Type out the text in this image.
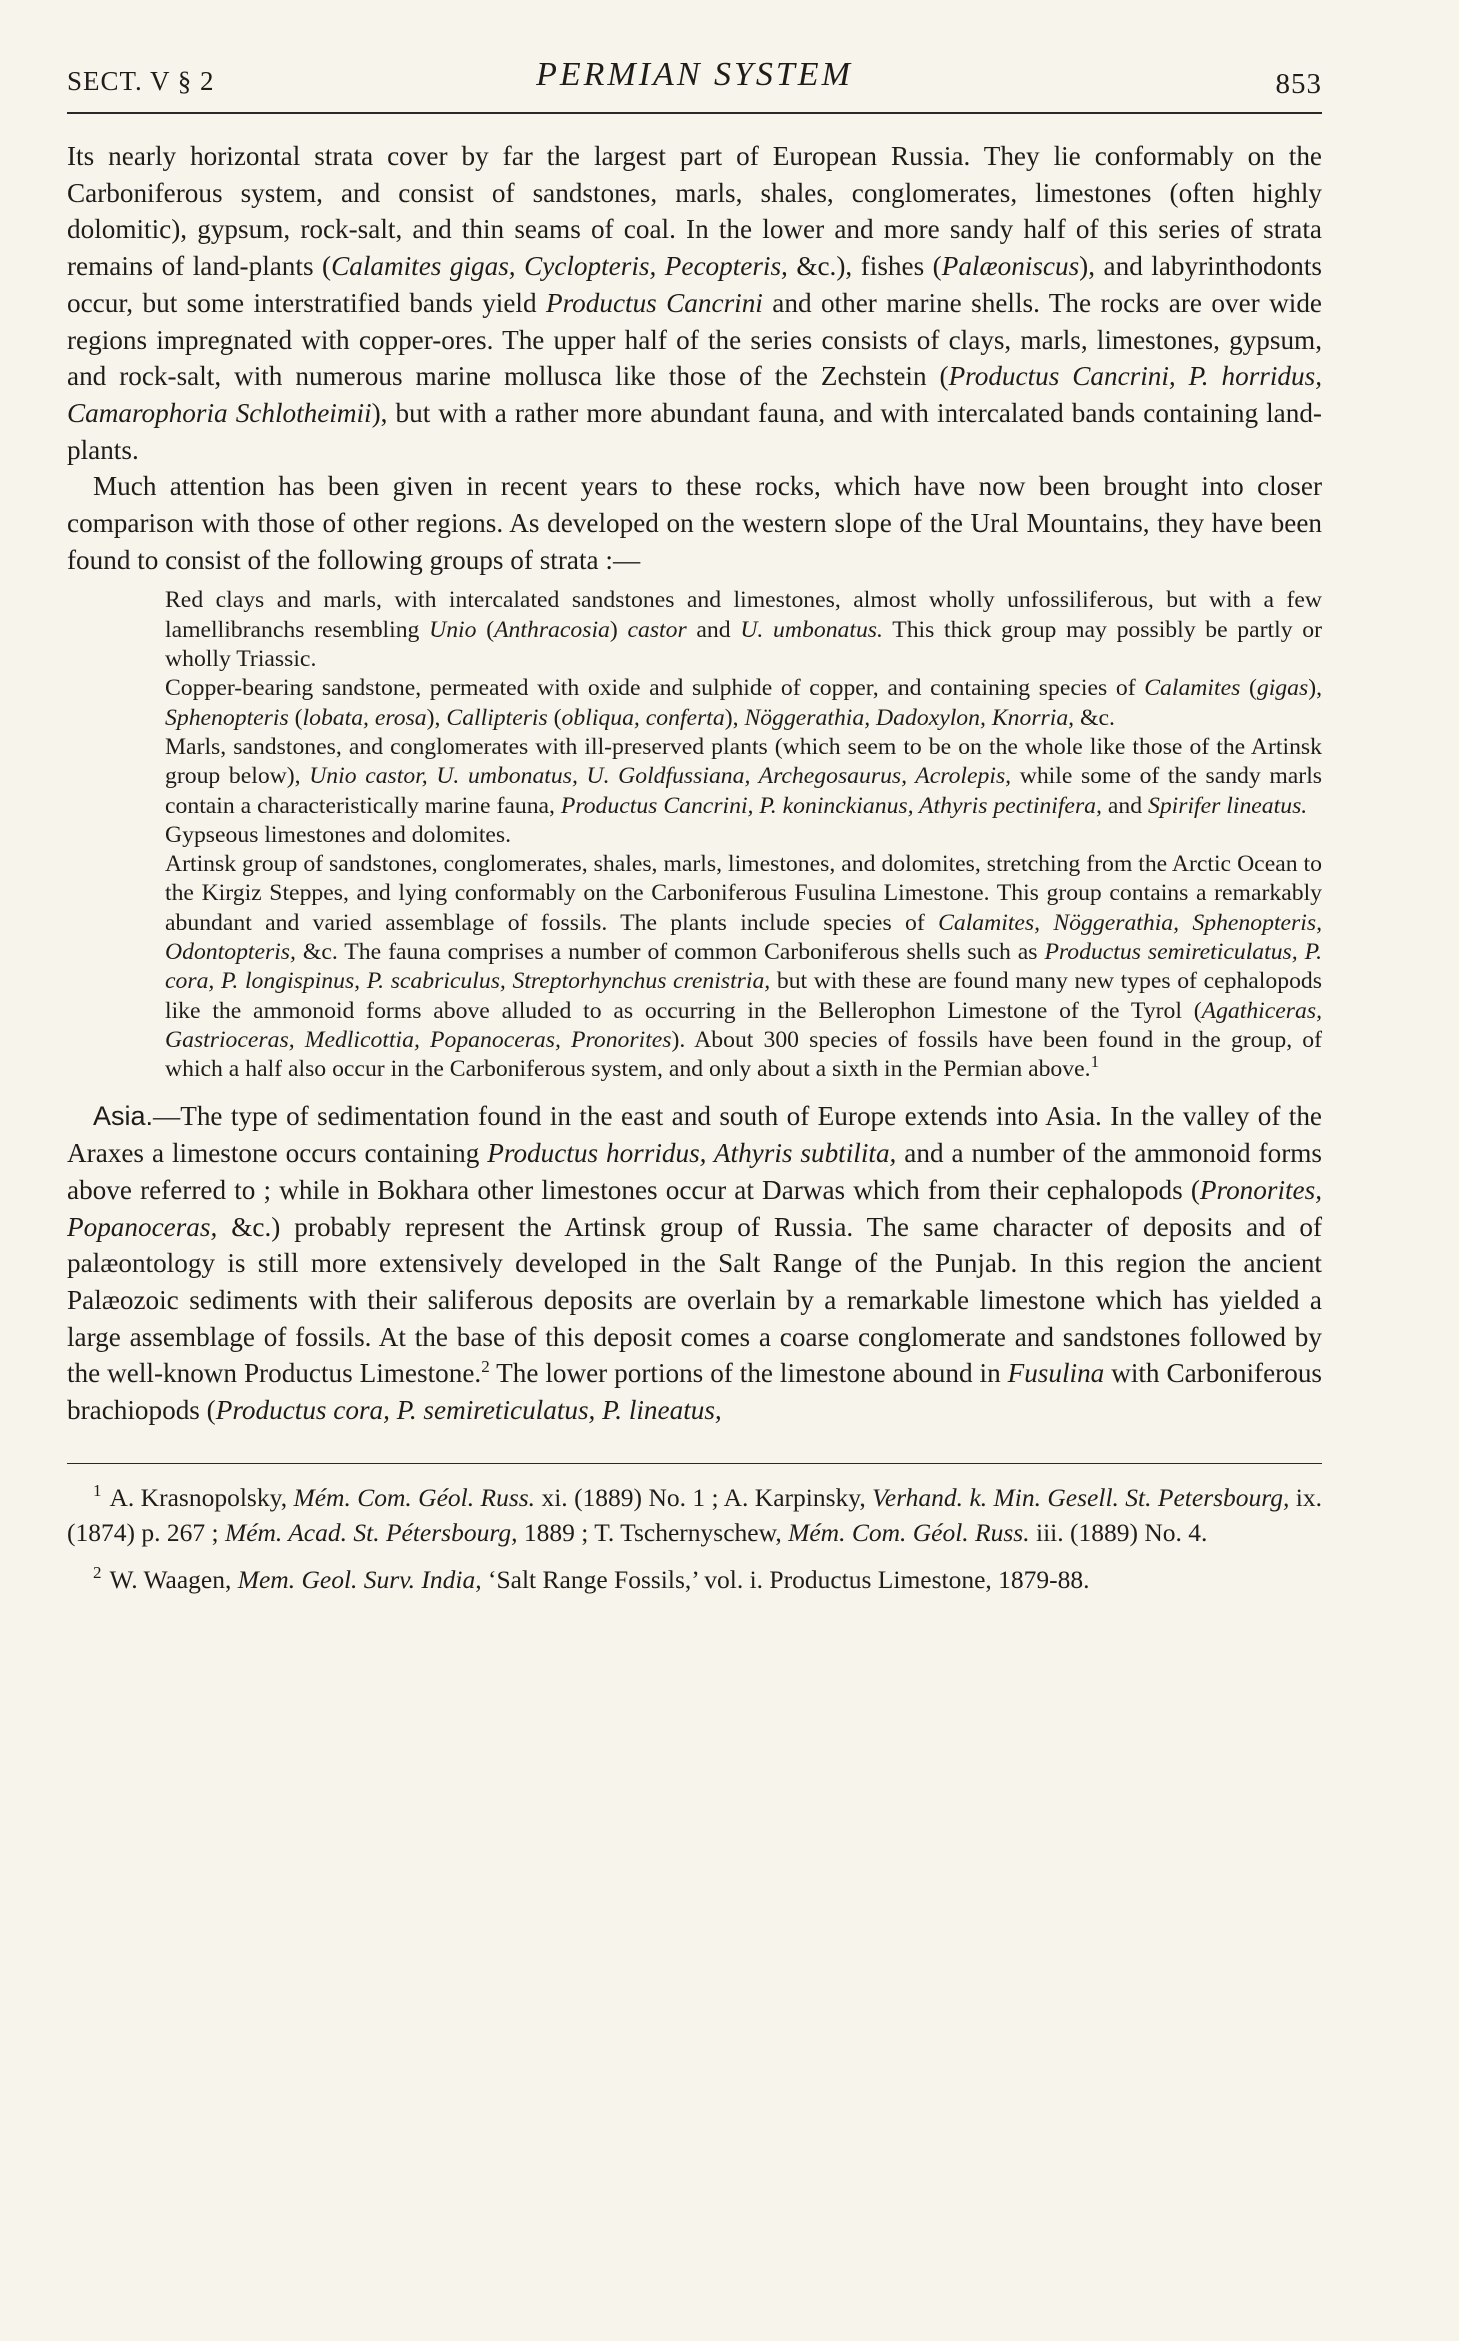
SECT. V § 2	PERMIAN SYSTEM	853

Its nearly horizontal strata cover by far the largest part of European Russia. They lie conformably on the Carboniferous system, and consist of sandstones, marls, shales, conglomerates, limestones (often highly dolomitic), gypsum, rock-salt, and thin seams of coal. In the lower and more sandy half of this series of strata remains of land-plants (Calamites gigas, Cyclopteris, Pecopteris, &c.), fishes (Palæoniscus), and labyrinthodonts occur, but some interstratified bands yield Productus Cancrini and other marine shells. The rocks are over wide regions impregnated with copper-ores. The upper half of the series consists of clays, marls, limestones, gypsum, and rock-salt, with numerous marine mollusca like those of the Zechstein (Productus Cancrini, P. horridus, Camarophoria Schlotheimii), but with a rather more abundant fauna, and with intercalated bands containing land-plants.

Much attention has been given in recent years to these rocks, which have now been brought into closer comparison with those of other regions. As developed on the western slope of the Ural Mountains, they have been found to consist of the following groups of strata :—

Red clays and marls, with intercalated sandstones and limestones, almost wholly unfossiliferous, but with a few lamellibranchs resembling Unio (Anthracosia) castor and U. umbonatus. This thick group may possibly be partly or wholly Triassic.

Copper-bearing sandstone, permeated with oxide and sulphide of copper, and containing species of Calamites (gigas), Sphenopteris (lobata, erosa), Callipteris (obliqua, conferta), Nöggerathia, Dadoxylon, Knorria, &c.

Marls, sandstones, and conglomerates with ill-preserved plants (which seem to be on the whole like those of the Artinsk group below), Unio castor, U. umbonatus, U. Goldfussiana, Archegosaurus, Acrolepis, while some of the sandy marls contain a characteristically marine fauna, Productus Cancrini, P. koninckianus, Athyris pectinifera, and Spirifer lineatus.

Gypseous limestones and dolomites.

Artinsk group of sandstones, conglomerates, shales, marls, limestones, and dolomites, stretching from the Arctic Ocean to the Kirgiz Steppes, and lying conformably on the Carboniferous Fusulina Limestone. This group contains a remarkably abundant and varied assemblage of fossils. The plants include species of Calamites, Nöggerathia, Sphenopteris, Odontopteris, &c. The fauna comprises a number of common Carboniferous shells such as Productus semireticulatus, P. cora, P. longispinus, P. scabriculus, Streptorhynchus crenistria, but with these are found many new types of cephalopods like the ammonoid forms above alluded to as occurring in the Bellerophon Limestone of the Tyrol (Agathiceras, Gastrioceras, Medlicottia, Popanoceras, Pronorites). About 300 species of fossils have been found in the group, of which a half also occur in the Carboniferous system, and only about a sixth in the Permian above.$^1$

Asia.—The type of sedimentation found in the east and south of Europe extends into Asia. In the valley of the Araxes a limestone occurs containing Productus horridus, Athyris subtilita, and a number of the ammonoid forms above referred to ; while in Bokhara other limestones occur at Darwas which from their cephalopods (Pronorites, Popanoceras, &c.) probably represent the Artinsk group of Russia. The same character of deposits and of palæontology is still more extensively developed in the Salt Range of the Punjab. In this region the ancient Palæozoic sediments with their saliferous deposits are overlain by a remarkable limestone which has yielded a large assemblage of fossils. At the base of this deposit comes a coarse conglomerate and sandstones followed by the well-known Productus Limestone.$^2$ The lower portions of the limestone abound in Fusulina with Carboniferous brachiopods (Productus cora, P. semireticulatus, P. lineatus,

$^1$ A. Krasnopolsky, Mém. Com. Géol. Russ. xi. (1889) No. 1 ; A. Karpinsky, Verhand. k. Min. Gesell. St. Petersbourg, ix. (1874) p. 267 ; Mém. Acad. St. Pétersbourg, 1889 ; T. Tschernyschew, Mém. Com. Géol. Russ. iii. (1889) No. 4.

$^2$ W. Waagen, Mem. Geol. Surv. India, ‘Salt Range Fossils,’ vol. i. Productus Limestone, 1879-88.
